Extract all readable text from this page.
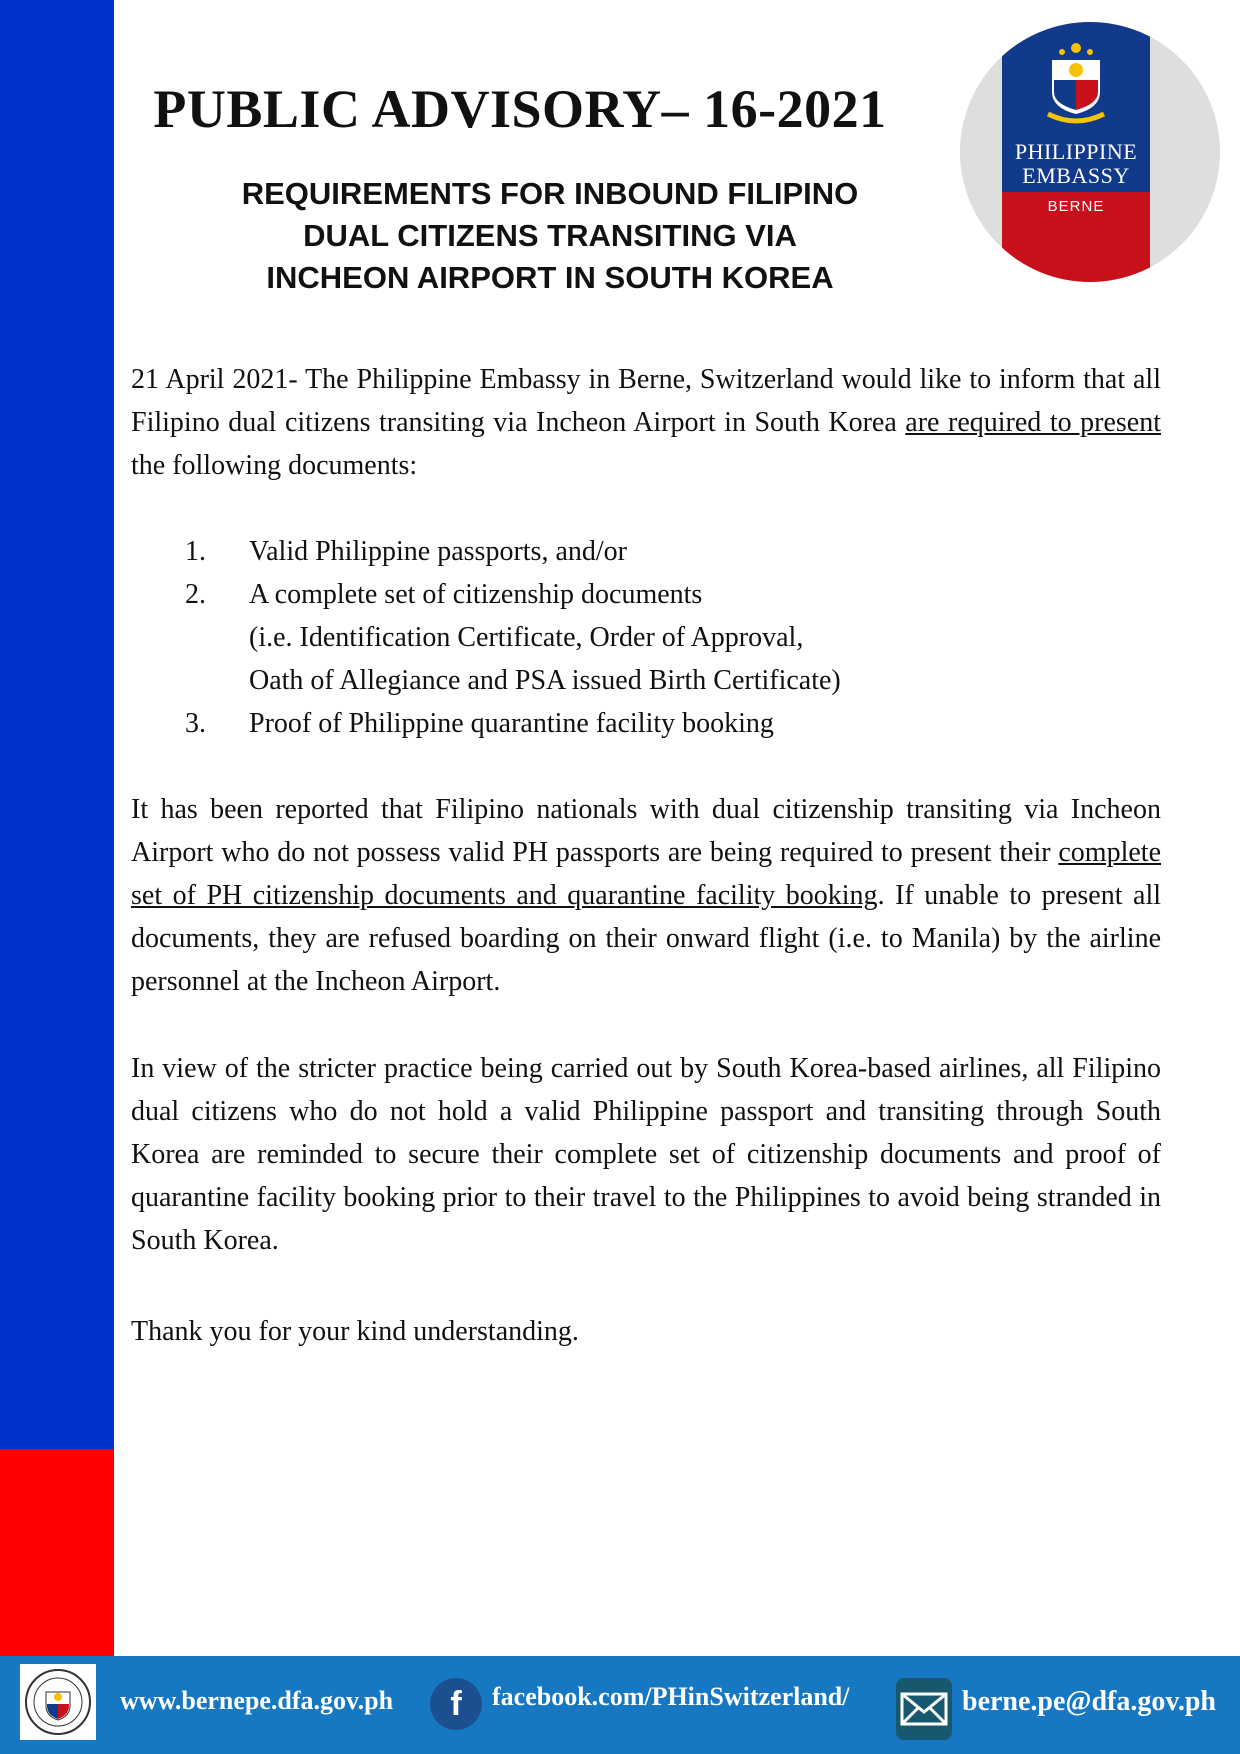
PUBLIC ADVISORY– 16-2021
REQUIREMENTS FOR INBOUND FILIPINO
DUAL CITIZENS TRANSITING VIA
INCHEON AIRPORT IN SOUTH KOREA
PHILIPPINE
EMBASSY
BERNE

21 April 2021- The Philippine Embassy in Berne, Switzerland would like to inform that all Filipino dual citizens transiting via Incheon Airport in South Korea are required to present the following documents:

1.	Valid Philippine passports, and/or
2.	A complete set of citizenship documents
(i.e. Identification Certificate, Order of Approval,
Oath of Allegiance and PSA issued Birth Certificate)
3.	Proof of Philippine quarantine facility booking

It has been reported that Filipino nationals with dual citizenship transiting via Incheon Airport who do not possess valid PH passports are being required to present their complete set of PH citizenship documents and quarantine facility booking. If unable to present all documents, they are refused boarding on their onward flight (i.e. to Manila) by the airline personnel at the Incheon Airport.

In view of the stricter practice being carried out by South Korea-based airlines, all Filipino dual citizens who do not hold a valid Philippine passport and transiting through South Korea are reminded to secure their complete set of citizenship documents and proof of quarantine facility booking prior to their travel to the Philippines to avoid being stranded in South Korea.

Thank you for your kind understanding.

www.bernepe.dfa.gov.ph	f	facebook.com/PHinSwitzerland/	berne.pe@dfa.gov.ph
